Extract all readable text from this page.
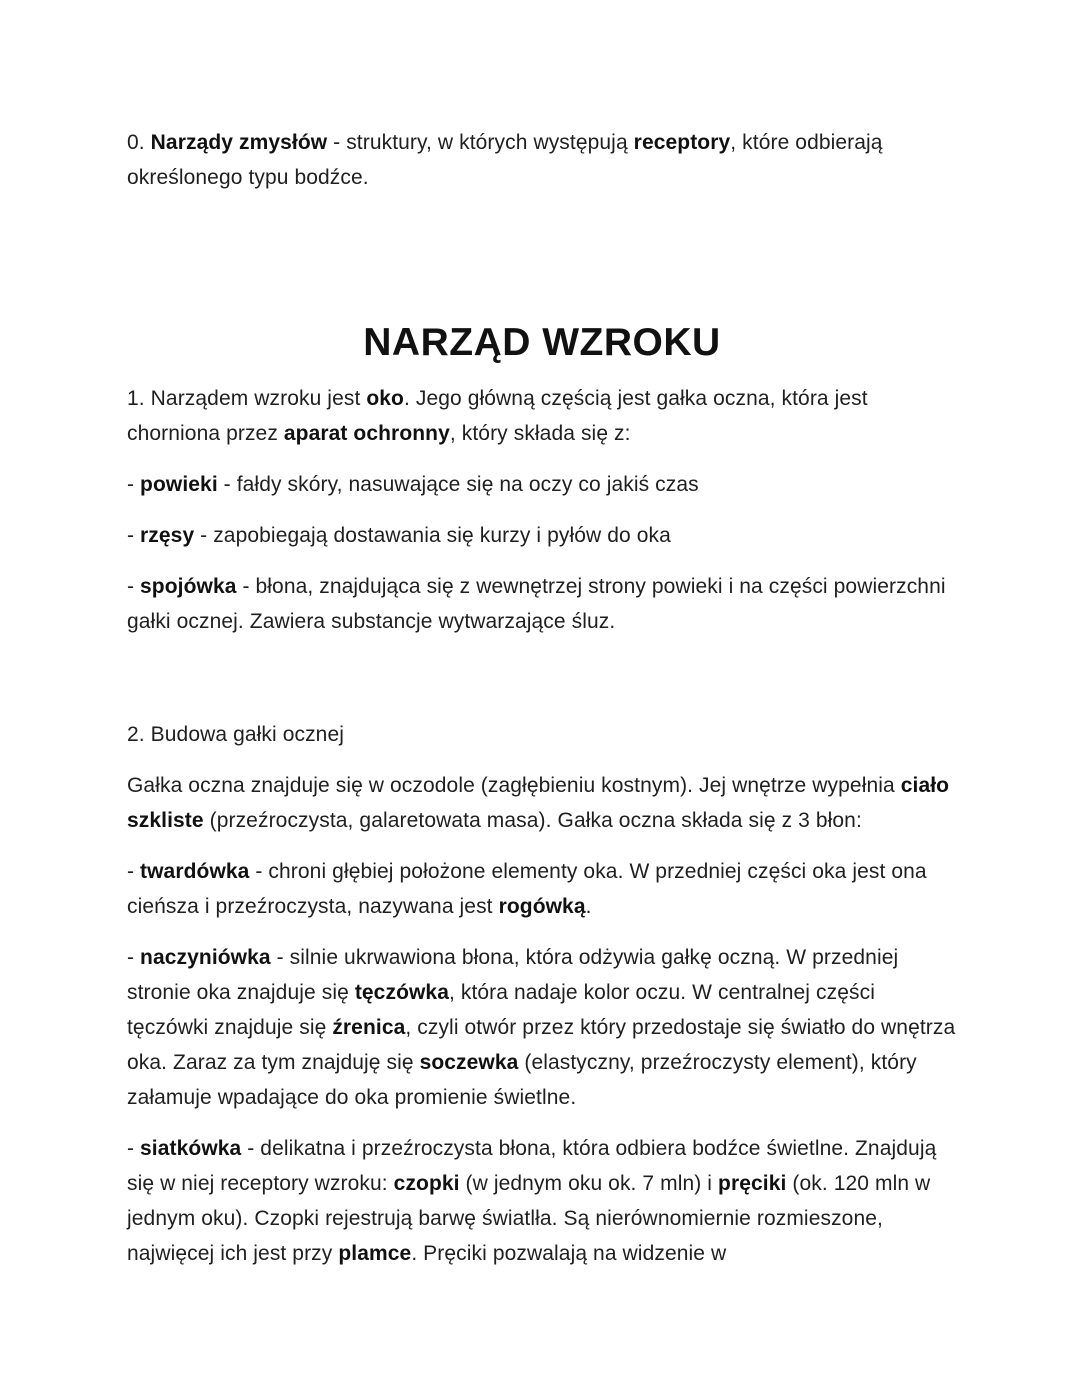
0. Narządy zmysłów - struktury, w których występują receptory, które odbierają określonego typu bodźce.

NARZĄD WZROKU

1. Narządem wzroku jest oko. Jego główną częścią jest gałka oczna, która jest chorniona przez aparat ochronny, który składa się z:

- powieki - fałdy skóry, nasuwające się na oczy co jakiś czas

- rzęsy - zapobiegają dostawania się kurzy i pyłów do oka

- spojówka - błona, znajdująca się z wewnętrzej strony powieki i na części powierzchni gałki ocznej. Zawiera substancje wytwarzające śluz.

2. Budowa gałki ocznej

Gałka oczna znajduje się w oczodole (zagłębieniu kostnym). Jej wnętrze wypełnia ciało szkliste (przeźroczysta, galaretowata masa). Gałka oczna składa się z 3 błon:

- twardówka - chroni głębiej położone elementy oka. W przedniej części oka jest ona cieńsza i przeźroczysta, nazywana jest rogówką.

- naczyniówka - silnie ukrwawiona błona, która odżywia gałkę oczną. W przedniej stronie oka znajduje się tęczówka, która nadaje kolor oczu. W centralnej części tęczówki znajduje się źrenica, czyli otwór przez który przedostaje się światło do wnętrza oka. Zaraz za tym znajduję się soczewka (elastyczny, przeźroczysty element), który załamuje wpadające do oka promienie świetlne.

- siatkówka - delikatna i przeźroczysta błona, która odbiera bodźce świetlne. Znajdują się w niej receptory wzroku: czopki (w jednym oku ok. 7 mln) i pręciki (ok. 120 mln w jednym oku). Czopki rejestrują barwę światlła. Są nierównomiernie rozmieszone, najwięcej ich jest przy plamce. Pręciki pozwalają na widzenie w
